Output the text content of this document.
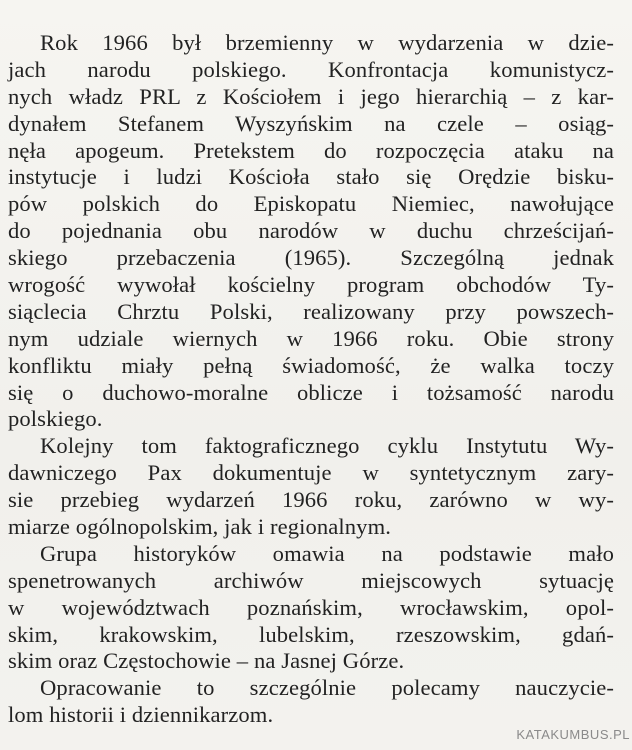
Rok 1966 był brzemienny w wydarzenia w dzie-
jach narodu polskiego. Konfrontacja komunistycz-
nych władz PRL z Kościołem i jego hierarchią – z kar-
dynałem Stefanem Wyszyńskim na czele – osiąg-
nęła apogeum. Pretekstem do rozpoczęcia ataku na
instytucje i ludzi Kościoła stało się Orędzie bisku-
pów polskich do Episkopatu Niemiec, nawołujące
do pojednania obu narodów w duchu chrześcijań-
skiego przebaczenia (1965). Szczególną jednak
wrogość wywołał kościelny program obchodów Ty-
siąclecia Chrztu Polski, realizowany przy powszech-
nym udziale wiernych w 1966 roku. Obie strony
konfliktu miały pełną świadomość, że walka toczy
się o duchowo-moralne oblicze i tożsamość narodu
polskiego.
Kolejny tom faktograficznego cyklu Instytutu Wy-
dawniczego Pax dokumentuje w syntetycznym zary-
sie przebieg wydarzeń 1966 roku, zarówno w wy-
miarze ogólnopolskim, jak i regionalnym.
Grupa historyków omawia na podstawie mało
spenetrowanych archiwów miejscowych sytuację
w województwach poznańskim, wrocławskim, opol-
skim, krakowskim, lubelskim, rzeszowskim, gdań-
skim oraz Częstochowie – na Jasnej Górze.
Opracowanie to szczególnie polecamy nauczycie-
lom historii i dziennikarzom.
KATAKUMBUS.PL
